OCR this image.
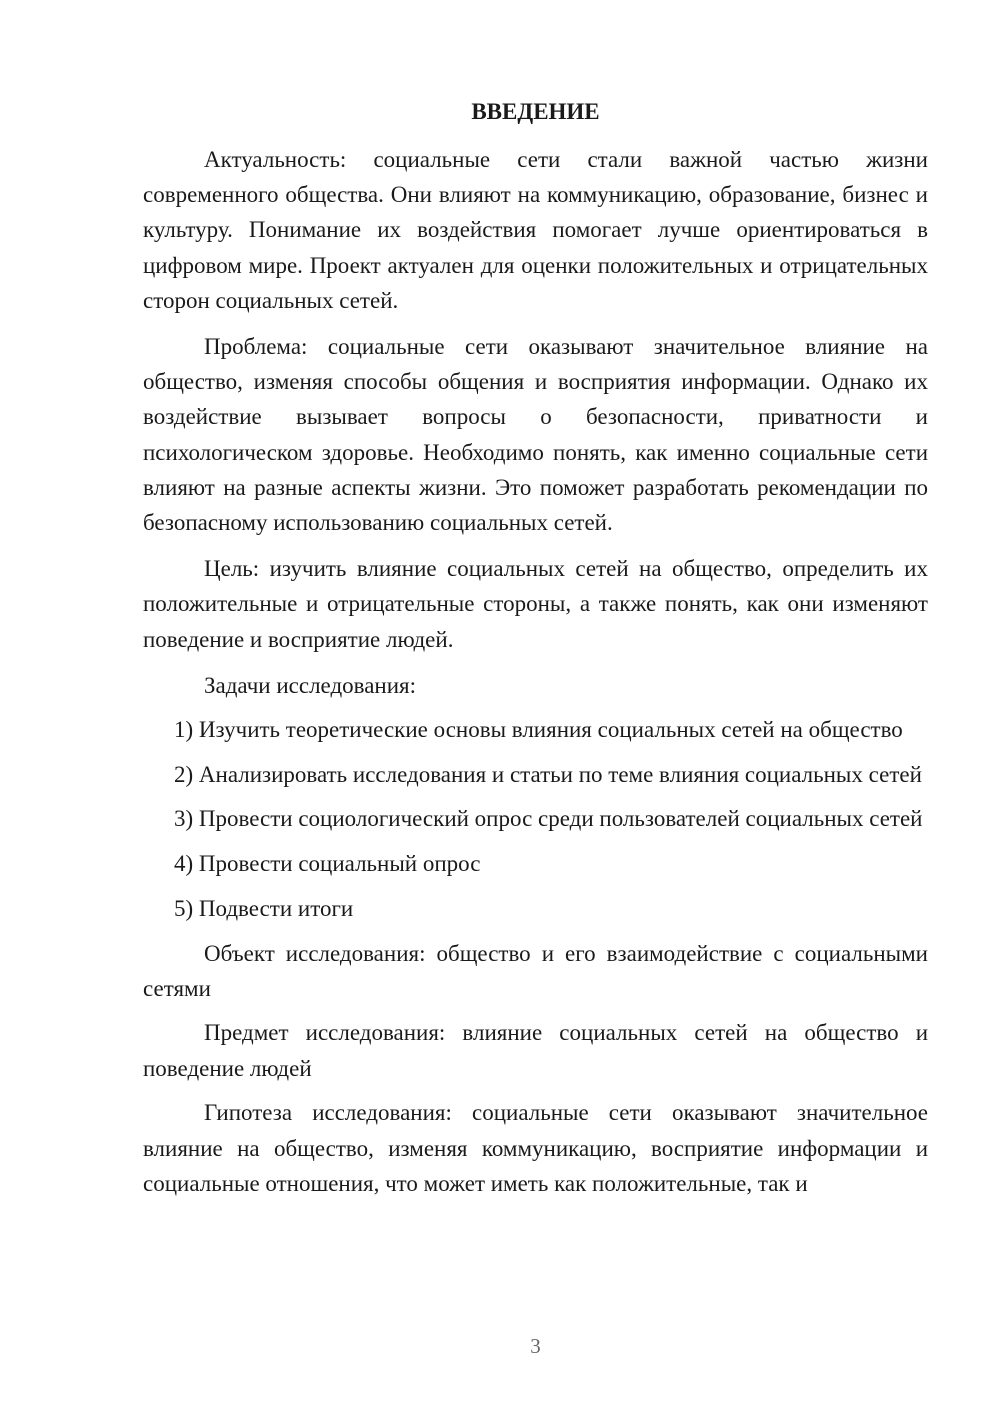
ВВЕДЕНИЕ

Актуальность: социальные сети стали важной частью жизни современного общества. Они влияют на коммуникацию, образование, бизнес и культуру. Понимание их воздействия помогает лучше ориентироваться в цифровом мире. Проект актуален для оценки положительных и отрицательных сторон социальных сетей.

Проблема: социальные сети оказывают значительное влияние на общество, изменяя способы общения и восприятия информации. Однако их воздействие вызывает вопросы о безопасности, приватности и психологическом здоровье. Необходимо понять, как именно социальные сети влияют на разные аспекты жизни. Это поможет разработать рекомендации по безопасному использованию социальных сетей.

Цель: изучить влияние социальных сетей на общество, определить их положительные и отрицательные стороны, а также понять, как они изменяют поведение и восприятие людей.

Задачи исследования:

1) Изучить теоретические основы влияния социальных сетей на общество

2) Анализировать исследования и статьи по теме влияния социальных сетей

3) Провести социологический опрос среди пользователей социальных сетей

4) Провести социальный опрос

5) Подвести итоги

Объект исследования: общество и его взаимодействие с социальными сетями

Предмет исследования: влияние социальных сетей на общество и поведение людей

Гипотеза исследования: социальные сети оказывают значительное влияние на общество, изменяя коммуникацию, восприятие информации и социальные отношения, что может иметь как положительные, так и

3
